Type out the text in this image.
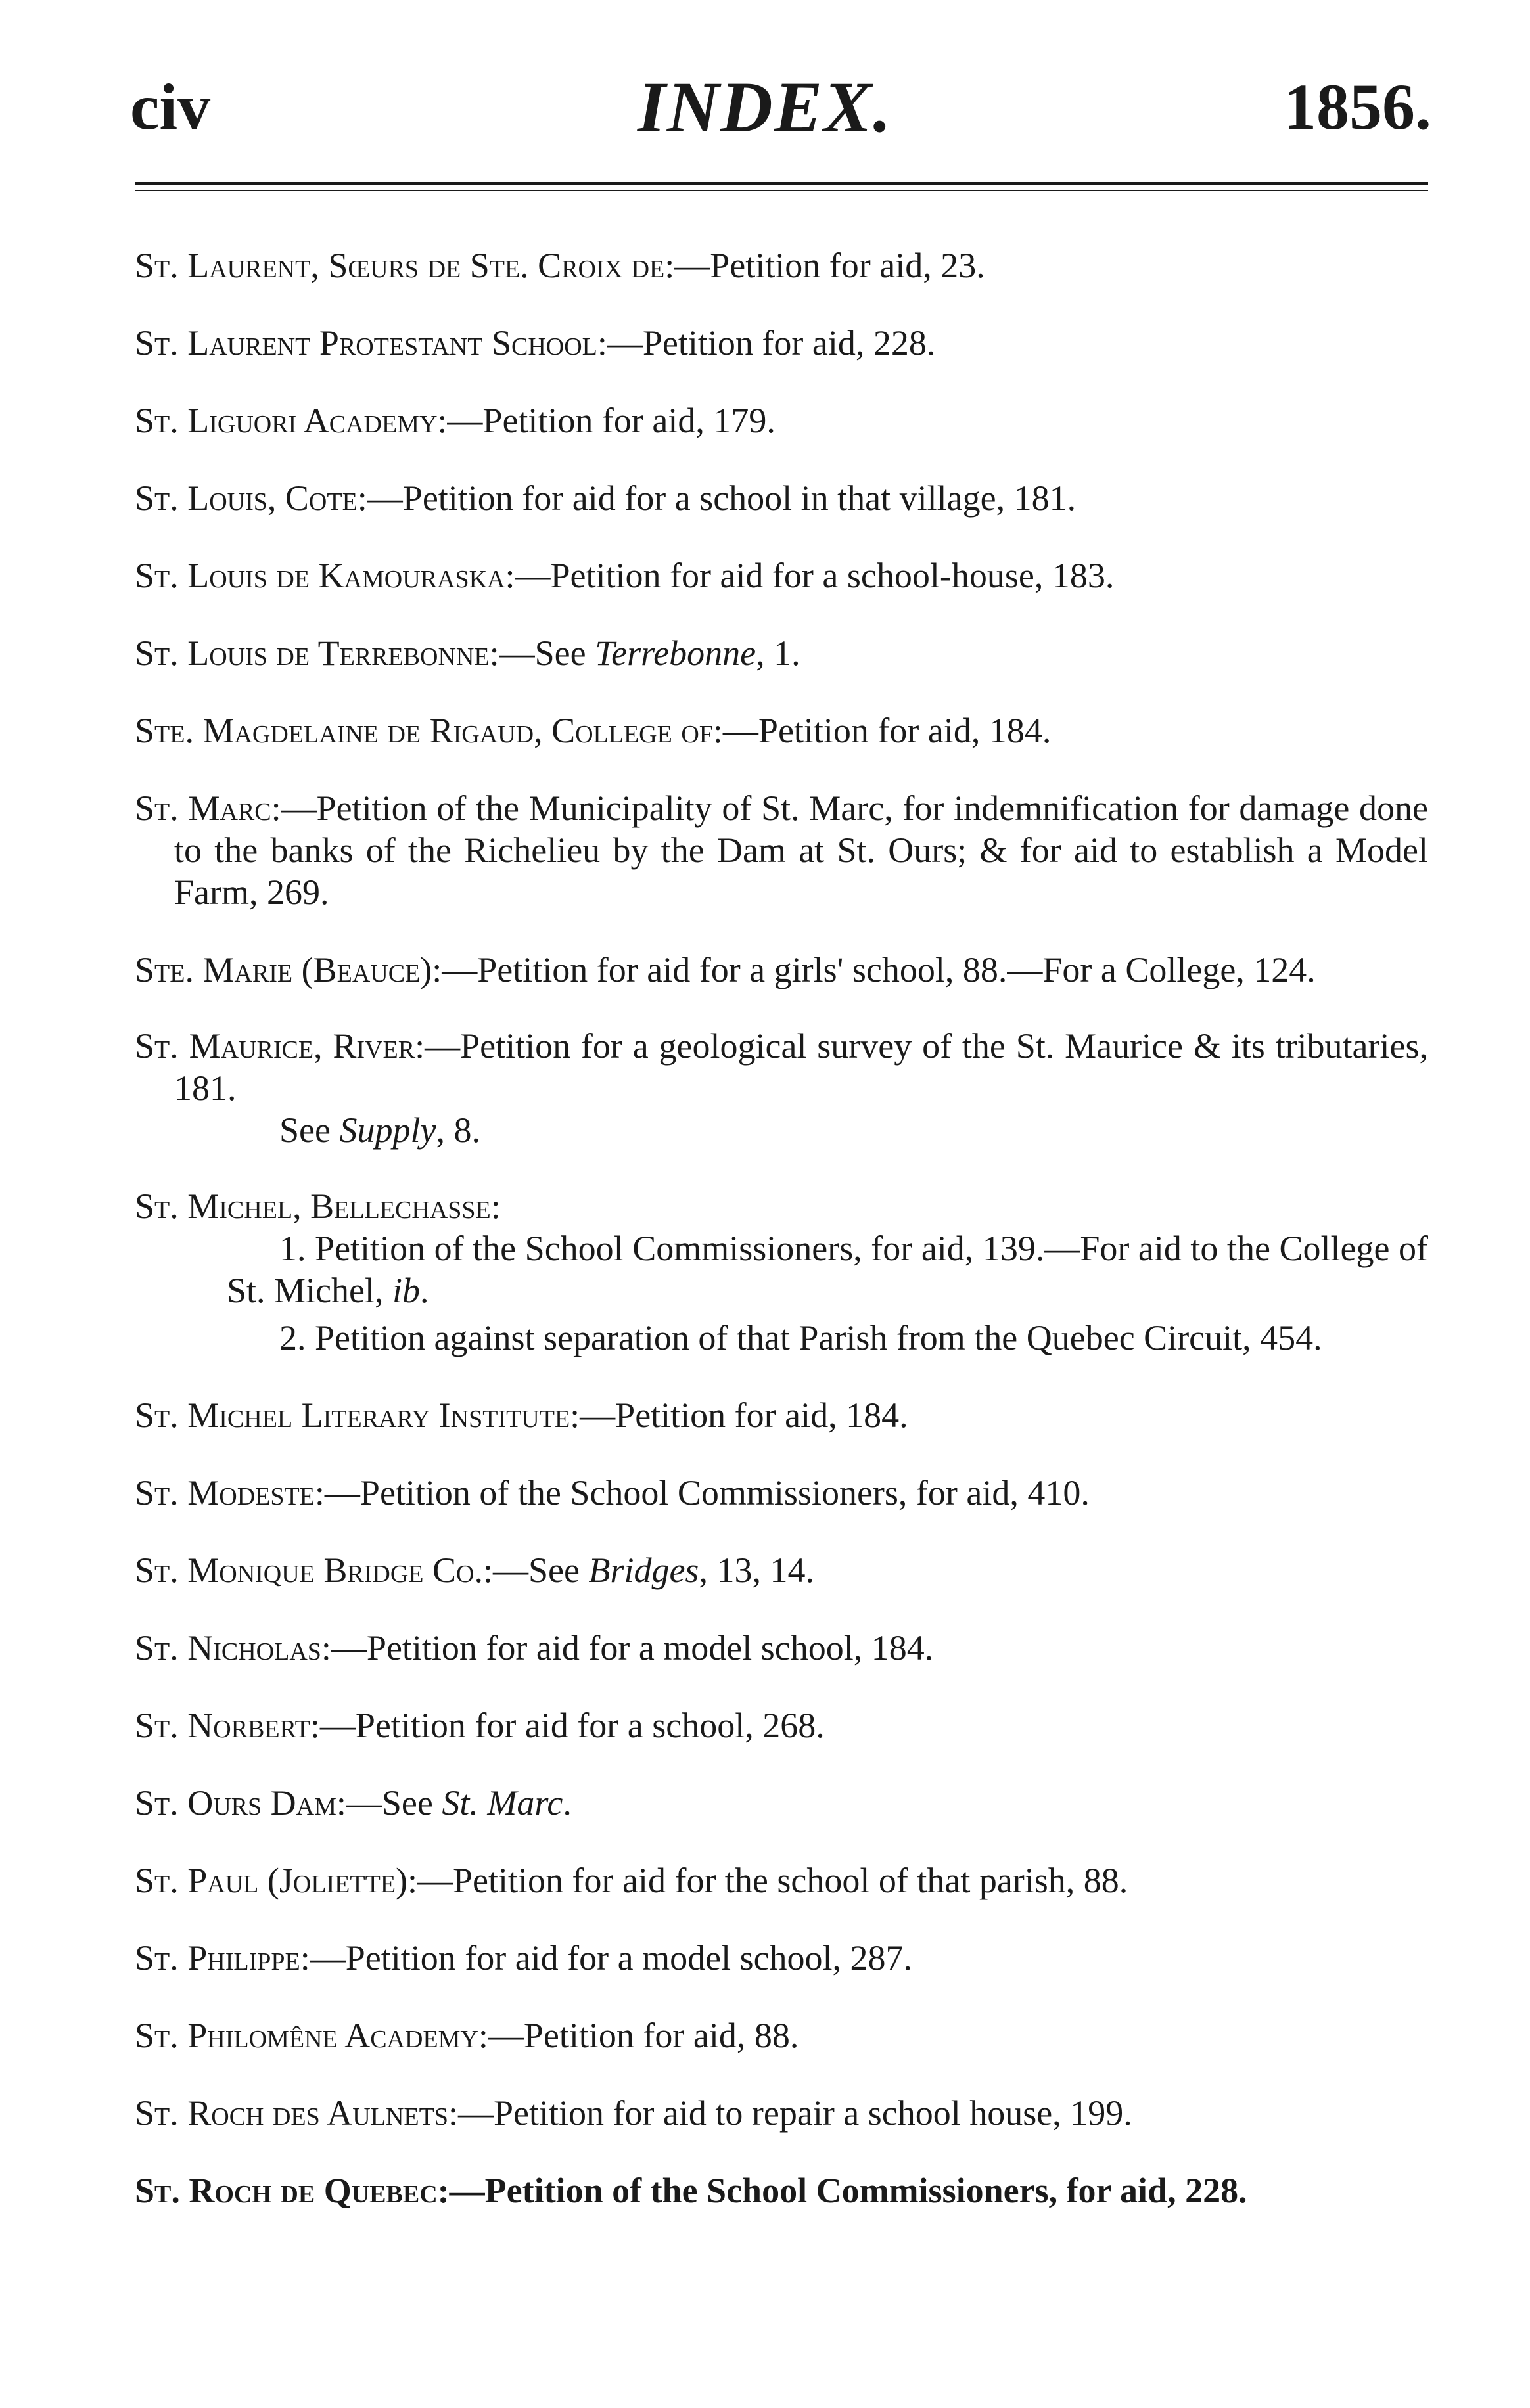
civ	INDEX.	1856.

St. Laurent, Sœurs de Ste. Croix de:—Petition for aid, 23.

St. Laurent Protestant School:—Petition for aid, 228.

St. Liguori Academy:—Petition for aid, 179.

St. Louis, Cote:—Petition for aid for a school in that village, 181.

St. Louis de Kamouraska:—Petition for aid for a school-house, 183.

St. Louis de Terrebonne:—See Terrebonne, 1.

Ste. Magdelaine de Rigaud, College of:—Petition for aid, 184.

St. Marc:—Petition of the Municipality of St. Marc, for indemnification for damage done to the banks of the Richelieu by the Dam at St. Ours; & for aid to establish a Model Farm, 269.

Ste. Marie (Beauce):—Petition for aid for a girls' school, 88.—For a College, 124.

St. Maurice, River:—Petition for a geological survey of the St. Maurice & its tributaries, 181.
See Supply, 8.
St. Michel, Bellechasse:
1. Petition of the School Commissioners, for aid, 139.—For aid to the College of St. Michel, ib.
2. Petition against separation of that Parish from the Quebec Circuit, 454.

St. Michel Literary Institute:—Petition for aid, 184.

St. Modeste:—Petition of the School Commissioners, for aid, 410.

St. Monique Bridge Co.:—See Bridges, 13, 14.

St. Nicholas:—Petition for aid for a model school, 184.

St. Norbert:—Petition for aid for a school, 268.

St. Ours Dam:—See St. Marc.

St. Paul (Joliette):—Petition for aid for the school of that parish, 88.

St. Philippe:—Petition for aid for a model school, 287.

St. Philomêne Academy:—Petition for aid, 88.

St. Roch des Aulnets:—Petition for aid to repair a school house, 199.

St. Roch de Quebec:—Petition of the School Commissioners, for aid, 228.
